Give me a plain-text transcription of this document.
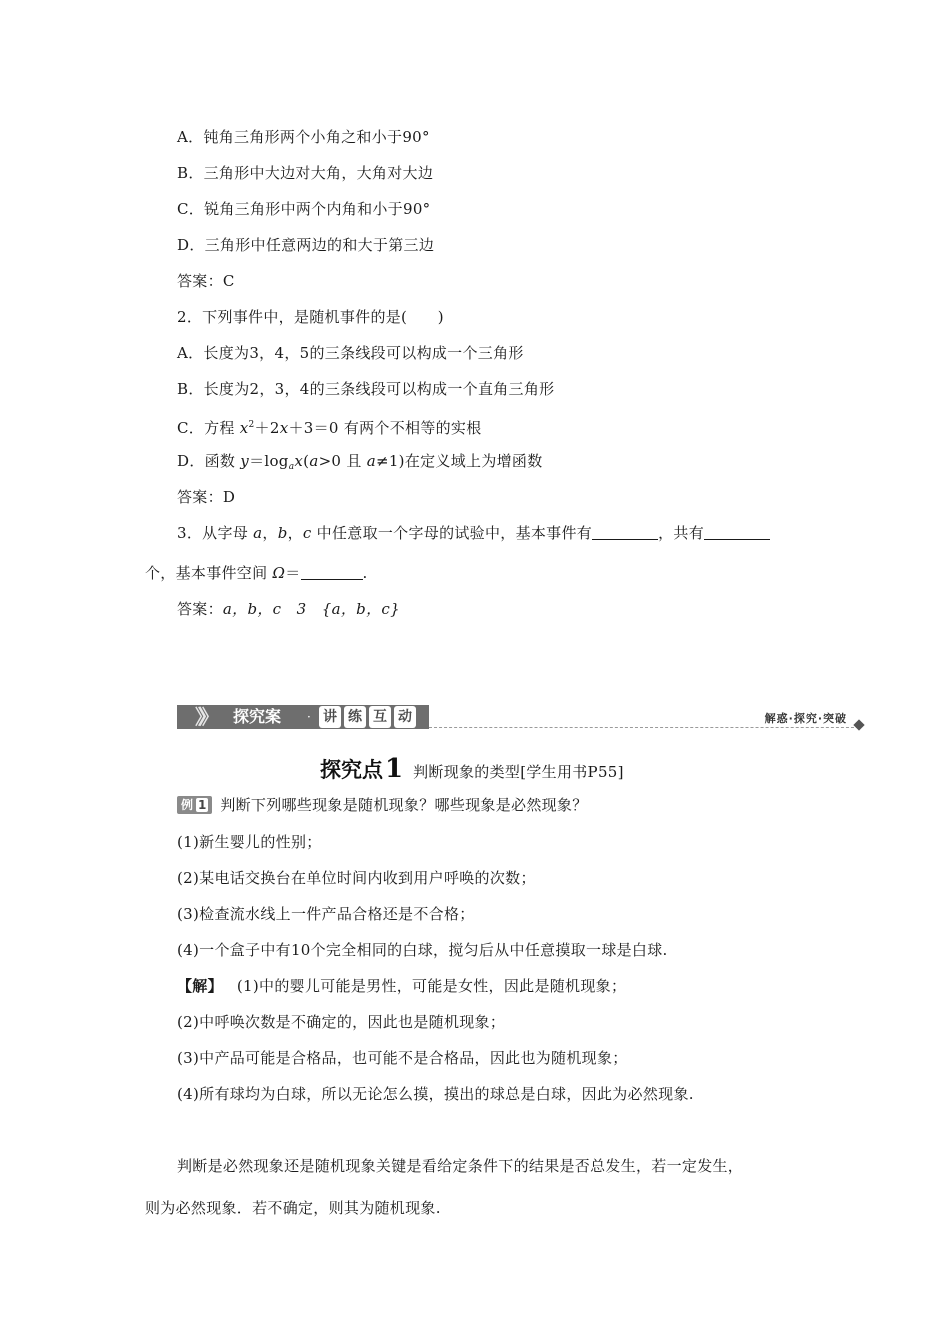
A．钝角三角形两个小角之和小于90°
B．三角形中大边对大角，大角对大边
C．锐角三角形中两个内角和小于90°
D．三角形中任意两边的和大于第三边
答案：C
2．下列事件中，是随机事件的是(　　)
A．长度为3，4，5的三条线段可以构成一个三角形
B．长度为2，3，4的三条线段可以构成一个直角三角形
C．方程 $x^2+2x+3=0$ 有两个不相等的实根
D．函数 $y=\log_ax(a>0$ 且 a≠1)在定义域上为增函数
答案：D
3．从字母 a，b，c 中任意取一个字母的试验中，基本事件有	，共有
个，基本事件空间 Ω＝	.
答案：a，b，c　3　{a，b，c}
》》 探究案 · 讲 练 互 动	解惑·探究·突破
探究点1 判断现象的类型[学生用书P55]
例 1 判断下列哪些现象是随机现象？哪些现象是必然现象？
(1)新生婴儿的性别；
(2)某电话交换台在单位时间内收到用户呼唤的次数；
(3)检查流水线上一件产品合格还是不合格；
(4)一个盒子中有10个完全相同的白球，搅匀后从中任意摸取一球是白球.
【解】 (1)中的婴儿可能是男性，可能是女性，因此是随机现象；
(2)中呼唤次数是不确定的，因此也是随机现象；
(3)中产品可能是合格品，也可能不是合格品，因此也为随机现象；
(4)所有球均为白球，所以无论怎么摸，摸出的球总是白球，因此为必然现象.
判断是必然现象还是随机现象关键是看给定条件下的结果是否总发生，若一定发生，
则为必然现象．若不确定，则其为随机现象.
